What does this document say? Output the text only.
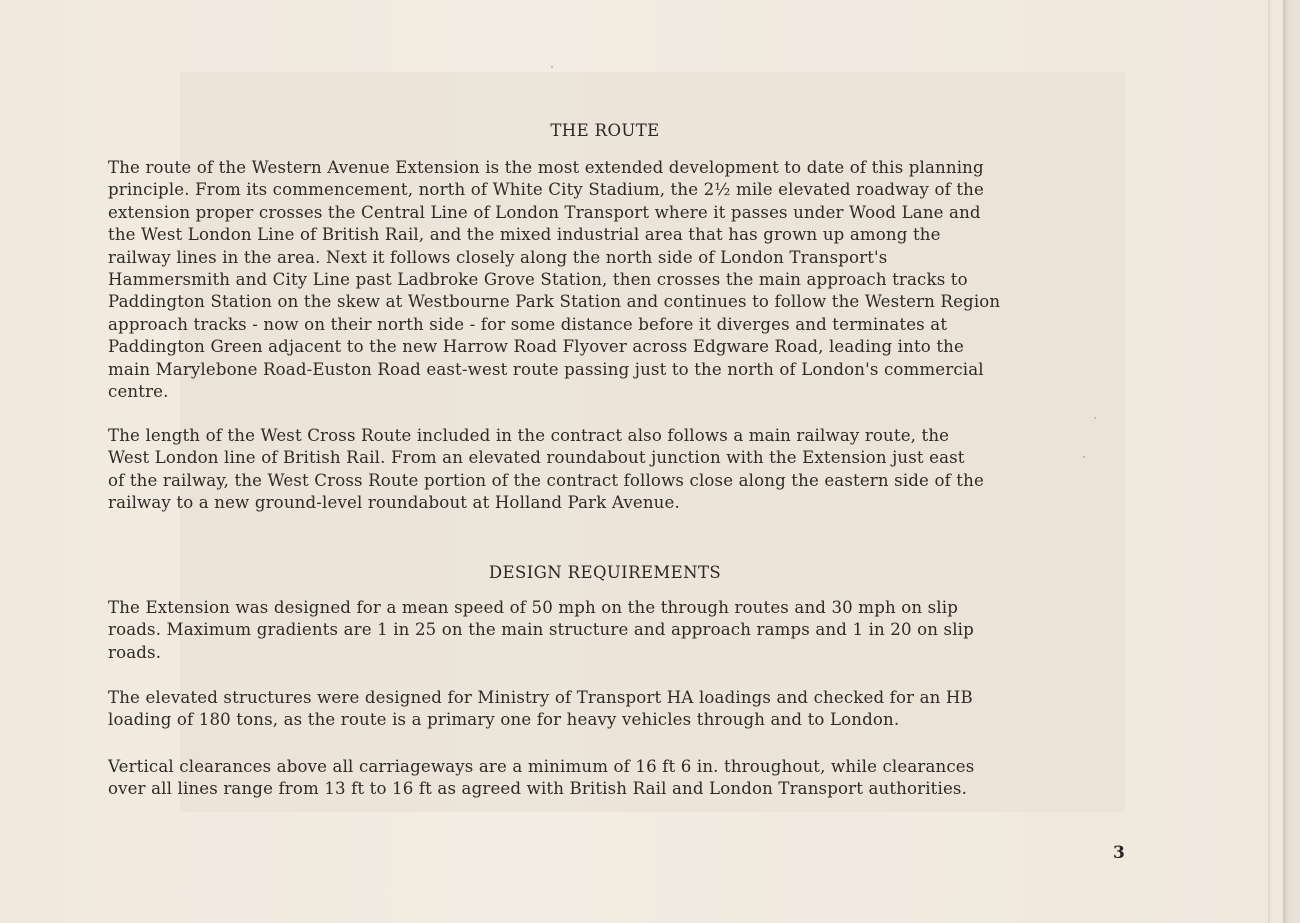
THE ROUTE

The route of the Western Avenue Extension is the most extended development to date of this planning
principle. From its commencement, north of White City Stadium, the 2½ mile elevated roadway of the
extension proper crosses the Central Line of London Transport where it passes under Wood Lane and
the West London Line of British Rail, and the mixed industrial area that has grown up among the
railway lines in the area. Next it follows closely along the north side of London Transport's
Hammersmith and City Line past Ladbroke Grove Station, then crosses the main approach tracks to
Paddington Station on the skew at Westbourne Park Station and continues to follow the Western Region
approach tracks - now on their north side - for some distance before it diverges and terminates at
Paddington Green adjacent to the new Harrow Road Flyover across Edgware Road, leading into the
main Marylebone Road-Euston Road east-west route passing just to the north of London's commercial
centre.

The length of the West Cross Route included in the contract also follows a main railway route, the
West London line of British Rail. From an elevated roundabout junction with the Extension just east
of the railway, the West Cross Route portion of the contract follows close along the eastern side of the
railway to a new ground-level roundabout at Holland Park Avenue.

DESIGN REQUIREMENTS

The Extension was designed for a mean speed of 50 mph on the through routes and 30 mph on slip
roads. Maximum gradients are 1 in 25 on the main structure and approach ramps and 1 in 20 on slip
roads.

The elevated structures were designed for Ministry of Transport HA loadings and checked for an HB
loading of 180 tons, as the route is a primary one for heavy vehicles through and to London.

Vertical clearances above all carriageways are a minimum of 16 ft 6 in. throughout, while clearances
over all lines range from 13 ft to 16 ft as agreed with British Rail and London Transport authorities.

3
